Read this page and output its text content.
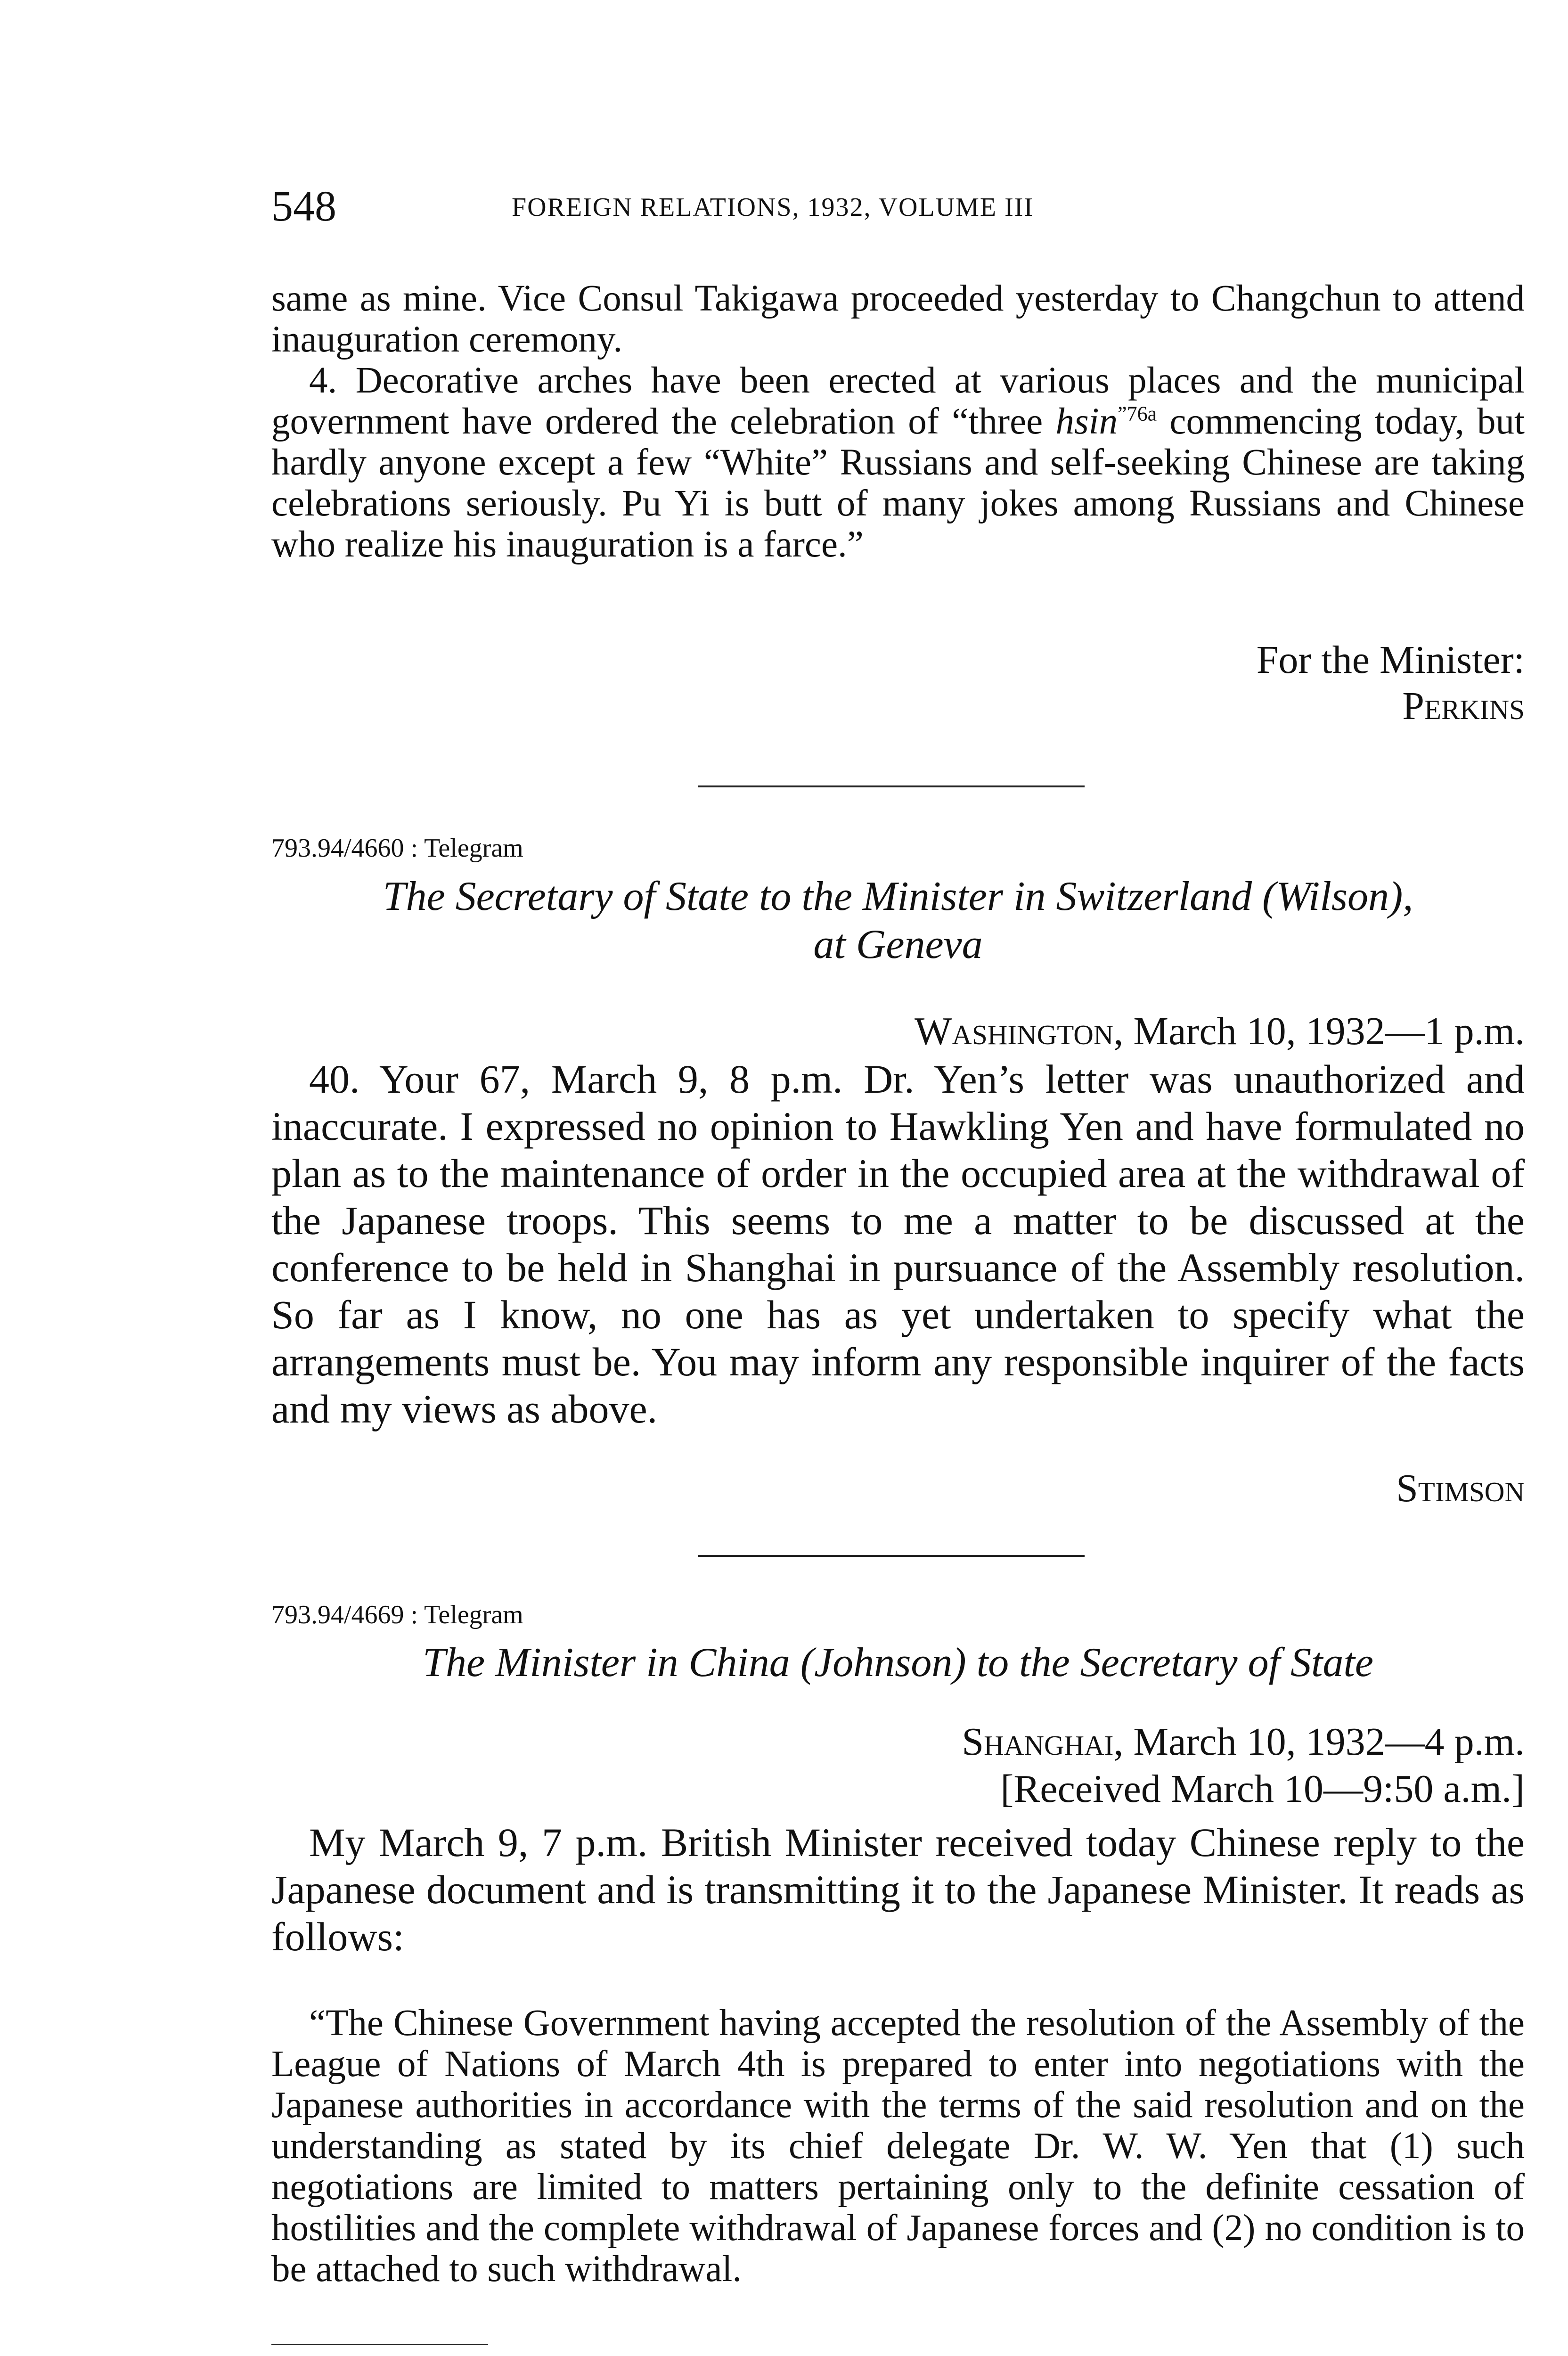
548	FOREIGN RELATIONS, 1932, VOLUME III

same as mine. Vice Consul Takigawa proceeded yesterday to Changchun to attend inauguration ceremony.

4. Decorative arches have been erected at various places and the municipal government have ordered the celebration of “three hsin$^{”76a}$ commencing today, but hardly anyone except a few “White” Russians and self-seeking Chinese are taking celebrations seriously. Pu Yi is butt of many jokes among Russians and Chinese who realize his inauguration is a farce.”

For the Minister:
Perkins
793.94/4660 : Telegram
The Secretary of State to the Minister in Switzerland (Wilson),
at Geneva
Washington, March 10, 1932—1 p.m.

40. Your 67, March 9, 8 p.m. Dr. Yen’s letter was unauthorized and inaccurate. I expressed no opinion to Hawkling Yen and have formulated no plan as to the maintenance of order in the occupied area at the withdrawal of the Japanese troops. This seems to me a matter to be discussed at the conference to be held in Shanghai in pursuance of the Assembly resolution. So far as I know, no one has as yet undertaken to specify what the arrangements must be. You may inform any responsible inquirer of the facts and my views as above.

Stimson
793.94/4669 : Telegram
The Minister in China (Johnson) to the Secretary of State
Shanghai, March 10, 1932—4 p.m.
[Received March 10—9:50 a.m.]

My March 9, 7 p.m. British Minister received today Chinese reply to the Japanese document and is transmitting it to the Japanese Minister. It reads as follows:

“The Chinese Government having accepted the resolution of the Assembly of the League of Nations of March 4th is prepared to enter into negotiations with the Japanese authorities in accordance with the terms of the said resolution and on the understanding as stated by its chief delegate Dr. W. W. Yen that (1) such negotiations are limited to matters pertaining only to the definite cessation of hostilities and the complete withdrawal of Japanese forces and (2) no condition is to be attached to such withdrawal.
